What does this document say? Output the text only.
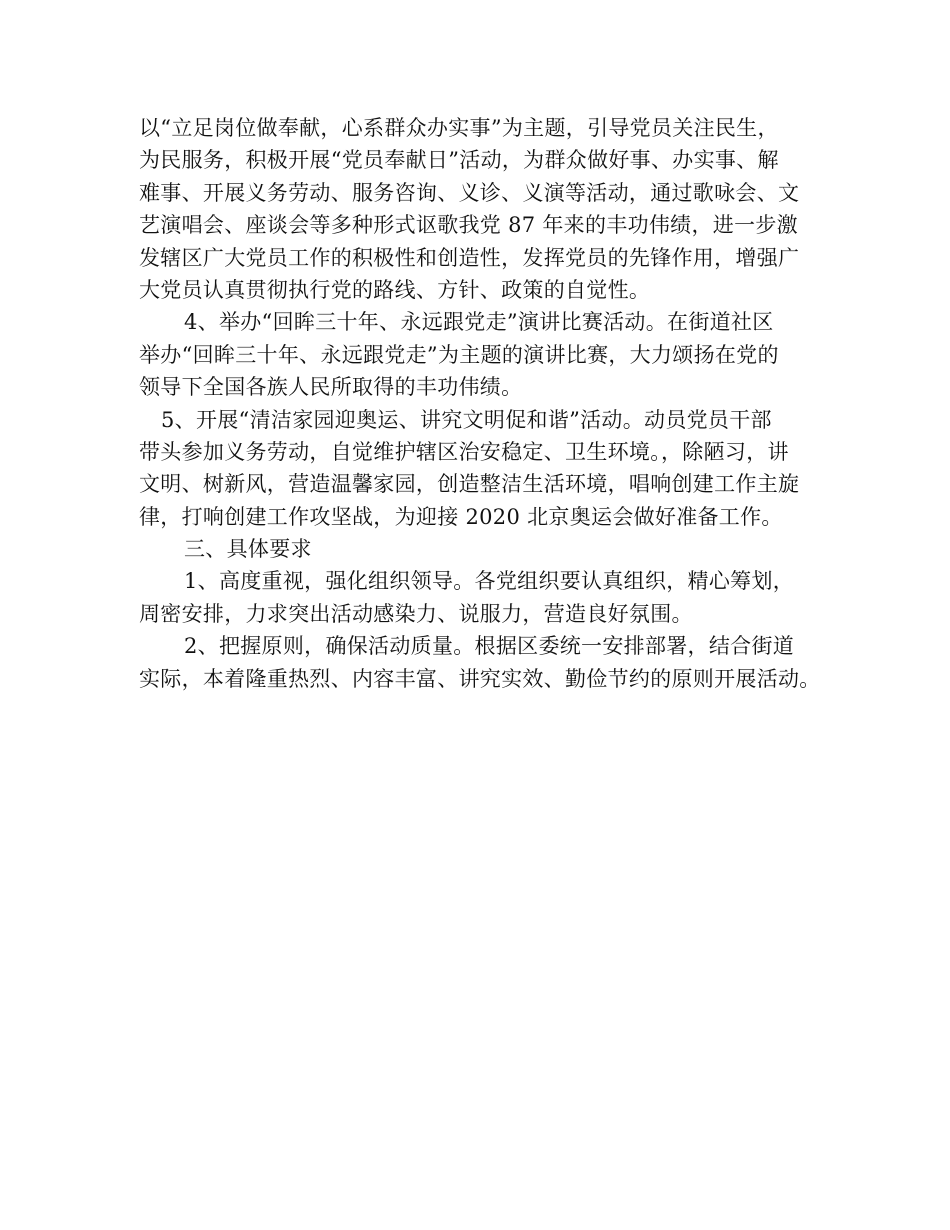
以“立足岗位做奉献，心系群众办实事”为主题，引导党员关注民生，
为民服务，积极开展“党员奉献日”活动，为群众做好事、办实事、解
难事、开展义务劳动、服务咨询、义诊、义演等活动，通过歌咏会、文
艺演唱会、座谈会等多种形式讴歌我党 87 年来的丰功伟绩，进一步激
发辖区广大党员工作的积极性和创造性，发挥党员的先锋作用，增强广
大党员认真贯彻执行党的路线、方针、政策的自觉性。
4、举办“回眸三十年、永远跟党走”演讲比赛活动。在街道社区
举办“回眸三十年、永远跟党走”为主题的演讲比赛，大力颂扬在党的
领导下全国各族人民所取得的丰功伟绩。
5、开展“清洁家园迎奥运、讲究文明促和谐”活动。动员党员干部
带头参加义务劳动，自觉维护辖区治安稳定、卫生环境。，除陋习，讲
文明、树新风，营造温馨家园，创造整洁生活环境，唱响创建工作主旋
律，打响创建工作攻坚战，为迎接 2020 北京奥运会做好准备工作。
三、具体要求
1、高度重视，强化组织领导。各党组织要认真组织，精心筹划，
周密安排，力求突出活动感染力、说服力，营造良好氛围。
2、把握原则，确保活动质量。根据区委统一安排部署，结合街道
实际，本着隆重热烈、内容丰富、讲究实效、勤俭节约的原则开展活动。
